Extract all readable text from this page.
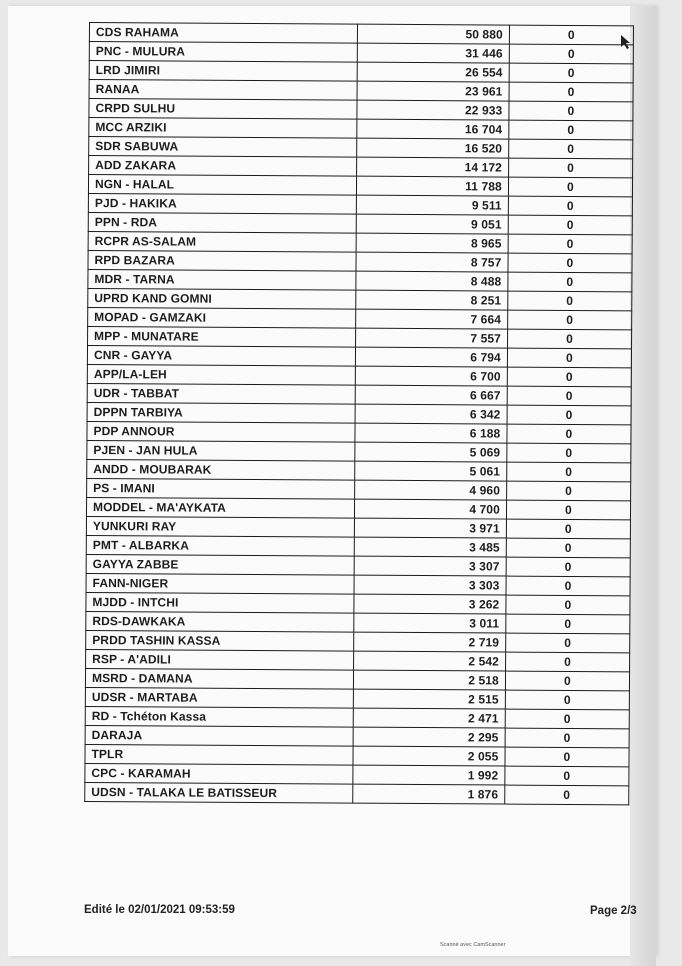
CDS RAHAMA	50 880	0
PNC - MULURA	31 446	0
LRD JIMIRI	26 554	0
RANAA	23 961	0
CRPD SULHU	22 933	0
MCC ARZIKI	16 704	0
SDR SABUWA	16 520	0
ADD ZAKARA	14 172	0
NGN - HALAL	11 788	0
PJD - HAKIKA	9 511	0
PPN - RDA	9 051	0
RCPR AS-SALAM	8 965	0
RPD BAZARA	8 757	0
MDR - TARNA	8 488	0
UPRD KAND GOMNI	8 251	0
MOPAD - GAMZAKI	7 664	0
MPP - MUNATARE	7 557	0
CNR - GAYYA	6 794	0
APP/LA-LEH	6 700	0
UDR - TABBAT	6 667	0
DPPN TARBIYA	6 342	0
PDP ANNOUR	6 188	0
PJEN - JAN HULA	5 069	0
ANDD - MOUBARAK	5 061	0
PS - IMANI	4 960	0
MODDEL - MA'AYKATA	4 700	0
YUNKURI RAY	3 971	0
PMT - ALBARKA	3 485	0
GAYYA ZABBE	3 307	0
FANN-NIGER	3 303	0
MJDD - INTCHI	3 262	0
RDS-DAWKAKA	3 011	0
PRDD TASHIN KASSA	2 719	0
RSP - A'ADILI	2 542	0
MSRD - DAMANA	2 518	0
UDSR - MARTABA	2 515	0
RD - Tchéton Kassa	2 471	0
DARAJA	2 295	0
TPLR	2 055	0
CPC - KARAMAH	1 992	0
UDSN - TALAKA LE BATISSEUR	1 876	0
Edité le 02/01/2021 09:53:59	Page 2/3
Scanné avec CamScanner
